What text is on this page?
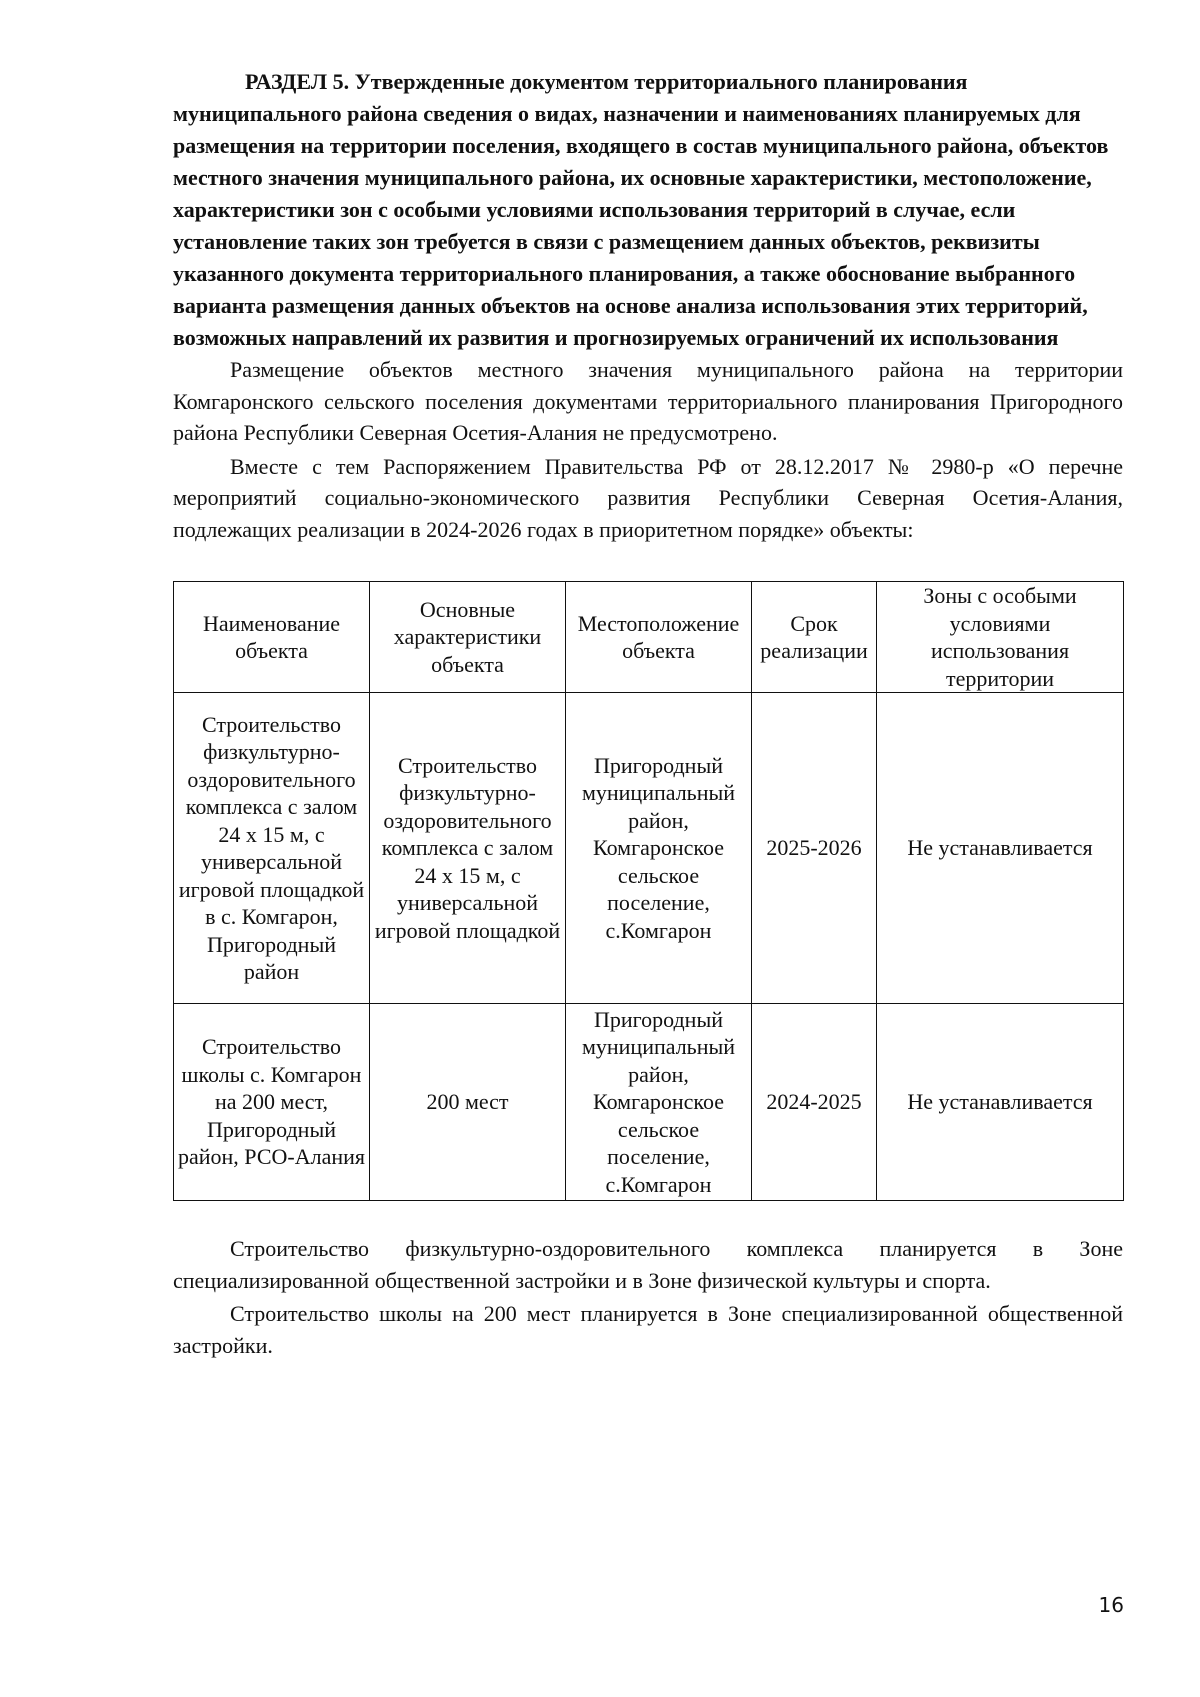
РАЗДЕЛ 5. Утвержденные документом территориального планирования муниципального района сведения о видах, назначении и наименованиях планируемых для размещения на территории поселения, входящего в состав муниципального района, объектов местного значения муниципального района, их основные характеристики, местоположение, характеристики зон с особыми условиями использования территорий в случае, если установление таких зон требуется в связи с размещением данных объектов, реквизиты указанного документа территориального планирования, а также обоснование выбранного варианта размещения данных объектов на основе анализа использования этих территорий, возможных направлений их развития и прогнозируемых ограничений их использования

Размещение объектов местного значения муниципального района на территории Комгаронского сельского поселения документами территориального планирования Пригородного района Республики Северная Осетия-Алания не предусмотрено.

Вместе с тем Распоряжением Правительства РФ от 28.12.2017 № 2980-р «О перечне мероприятий социально-экономического развития Республики Северная Осетия-Алания, подлежащих реализации в 2024-2026 годах в приоритетном порядке» объекты:

Наименование объекта	Основные характеристики объекта	Местоположение объекта	Срок реализации	Зоны с особыми условиями использования территории
Строительство физкультурно-оздоровительного комплекса с залом 24 х 15 м, с универсальной игровой площадкой в с. Комгарон, Пригородный район	Строительство физкультурно-оздоровительного комплекса с залом 24 х 15 м, с универсальной игровой площадкой	Пригородный муниципальный район, Комгаронское сельское поселение, с.Комгарон	2025-2026	Не устанавливается
Строительство школы с. Комгарон на 200 мест, Пригородный район, РСО-Алания	200 мест	Пригородный муниципальный район, Комгаронское сельское поселение, с.Комгарон	2024-2025	Не устанавливается

Строительство физкультурно-оздоровительного комплекса планируется в Зоне специализированной общественной застройки и в Зоне физической культуры и спорта.

Строительство школы на 200 мест планируется в Зоне специализированной общественной застройки.

16
